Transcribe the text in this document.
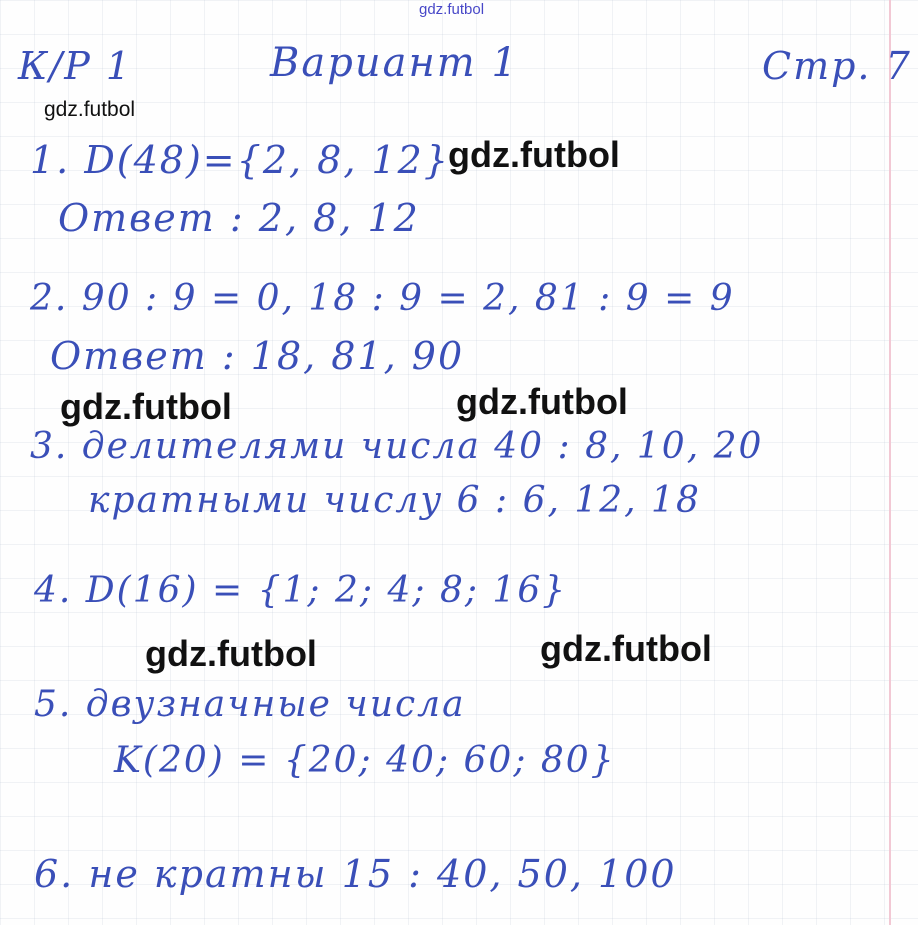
gdz.futbol
К/Р 1	Вариант 1	Стр. 7
gdz.futbol
1. D(48)={2, 8, 12}
gdz.futbol
Ответ : 2, 8, 12
2. 90 : 9 = 0, 18 : 9 = 2, 81 : 9 = 9
Ответ : 18, 81, 90
gdz.futbol	gdz.futbol
3. делителями числа 40 : 8, 10, 20
кратными числу 6 : 6, 12, 18
4. D(16) = {1; 2; 4; 8; 16}
gdz.futbol	gdz.futbol
5. двузначные числа
K(20) = {20; 40; 60; 80}
6. не кратны 15 : 40, 50, 100
